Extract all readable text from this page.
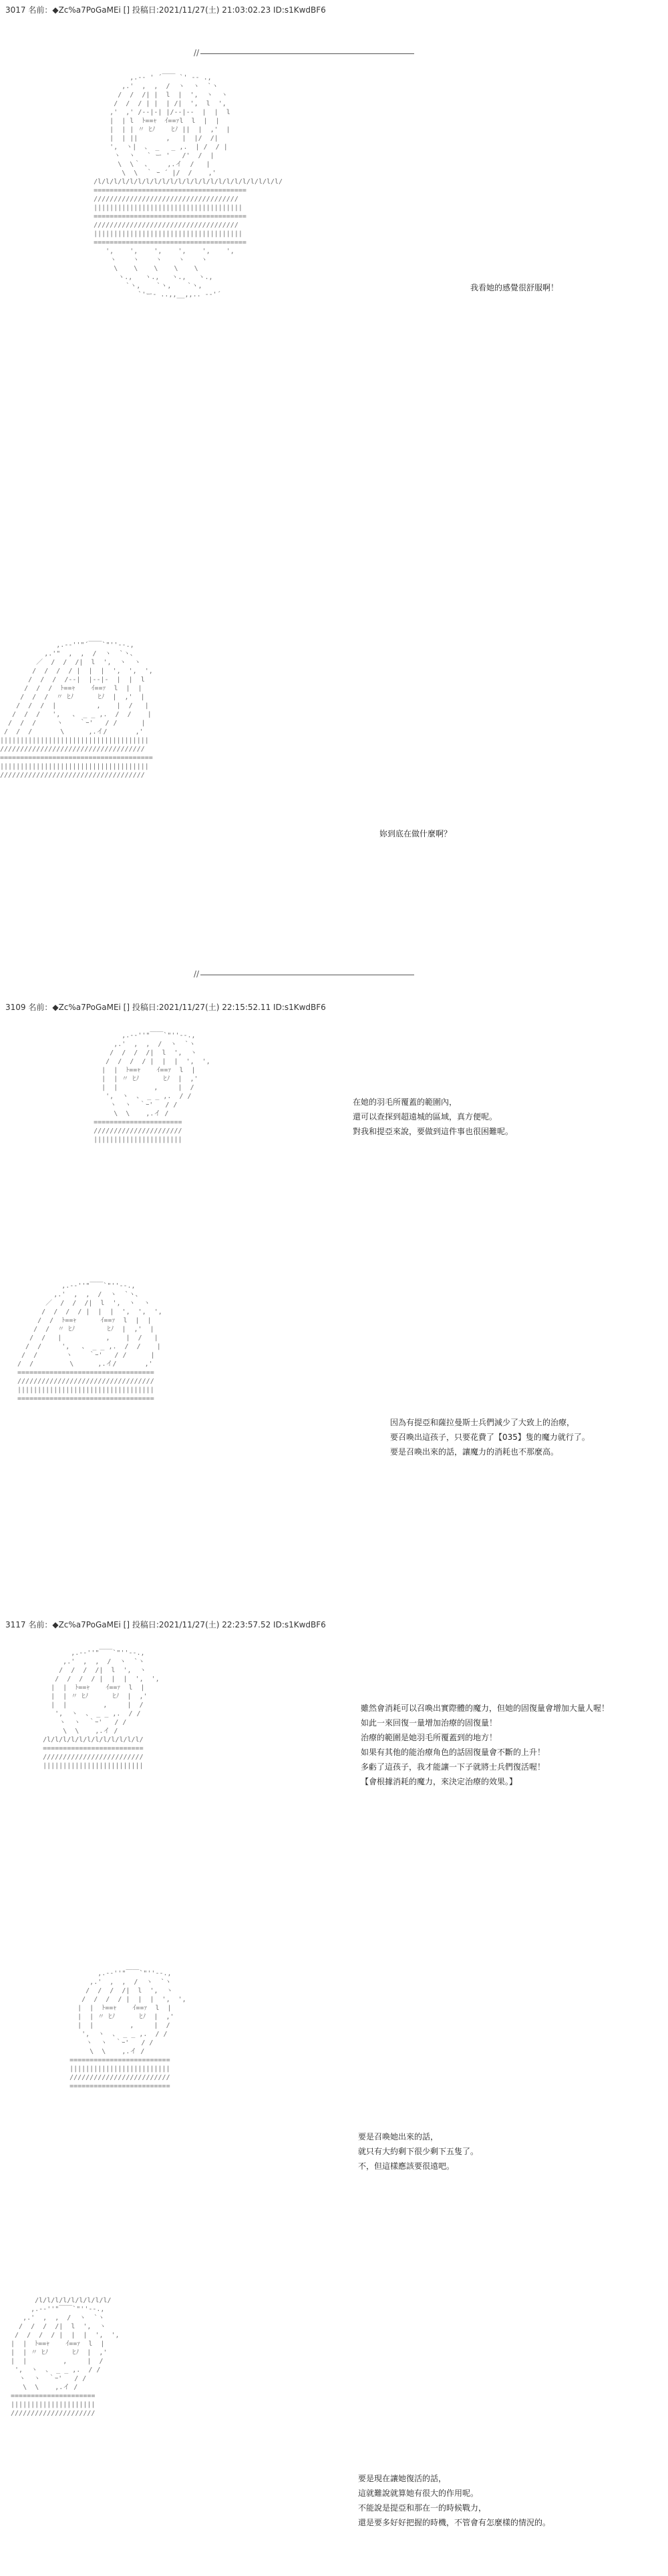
3017 名前：◆Zc%a7PoGaMEi [] 投稿日:2021/11/27(土) 21:03:02.23 ID:s1KwdBF6
//
,.-‐ ' ´￣￣ `' ‐- .,
,.'  ,  ,  /  ヽ  ヽ  `ヽ
/  /  /| |  l  |  ',  ヽ  ヽ
/  /  / | |  | /|  ',  l  ',
,'  ,' /‐-|‐| |/-‐|‐-  |  |  l
|  | l  ﾄ==ｬ  ｲ==ｧl  l  |  |
|  | | 〃 ﾋﾉ    ﾋﾉ ||  |  ,'  |
|  | ||       ,   |  |/  /|
',  ヽ|  、 _   _ ,.  | /  / |
ヽ  ヽ   ` ー '   /'  /  |
\  \｀ 、    ,.イ  /   |
\  \  ｀ ｰ ´ |/  /    ,'
/l/l/l/l/l/l/l/l/l/l/l/l/l/l/l/l/l/l/l/l/l/l/l/
======================================
////////////////////////////////////
|||||||||||||||||||||||||||||||||||||
======================================
////////////////////////////////////
|||||||||||||||||||||||||||||||||||||
======================================
',    ',    ',    ',    ',    ',
ヽ    ヽ    ヽ    ヽ    ヽ
\    \    \    \    \
ヽ.,   ヽ.,   ヽ.,   ヽ.,
`ヽ,    `ヽ,    `ヽ,
`'ー- ..,,__,,.. -‐'´
我看她的感覺很舒服啊！
,.-‐''"´￣￣`"''‐-.,
,.'"  ,  ,  /  ヽ  `ヽ、
／  /  /  /|  l  ',  ヽ  ヽ
/  /  /  / |  |  |  ',  ',  ',
/  /  /  /‐-|  |‐-|‐  |  |  l
/  /  /  ﾄ==ｬ    ｲ==ｧ  l  |  |
/  /  /  〃 ﾋﾉ      ﾋﾉ  |  ,'  |
/  /  /  |          ,    |  /   |
/  /  /   ',   、 _ _ ,.  /  /    |
/  /  /     ヽ    ｀ｰ'   / /      |
/  /  /       \      ,.イ/       ,'
|||||||||||||||||||||||||||||||||||||
////////////////////////////////////
======================================
|||||||||||||||||||||||||||||||||||||
////////////////////////////////////
妳到底在做什麼啊？
//
3109 名前：◆Zc%a7PoGaMEi [] 投稿日:2021/11/27(土) 22:15:52.11 ID:s1KwdBF6
,.-‐''"￣￣`"''‐-.,
,.'  ,  ,  /  ヽ  `ヽ
/  /  /  /|  l  ',  ヽ
/  /  /  / |  |  |  ',  ',
|  |  ﾄ==ｬ    ｲ==ｧ  l  |
|  | 〃 ﾋﾉ      ﾋﾉ  |  ,'
|  |         ,     |  /
',  ヽ  、 _ _ ,.  / /
ヽ  ヽ  ｀ｰ'   / /
\  \    ,.イ /
======================
//////////////////////
||||||||||||||||||||||
在她的羽毛所覆蓋的範圍內，
還可以查探到超遠城的區域，真方便呢。
對我和提亞來說，要做到這件事也很困難呢。
,.-‐''"￣￣`"''‐-.,
,.'  ,  ,  /  ヽ  `ヽ、
／  /  /  /|  l  ',  ヽ  ヽ
/  /  /  / |  |  |  ',  ',  ',
/  /  ﾄ==ｬ      ｲ==ｧ  l  |  |
/  /  〃 ﾋﾉ        ﾋﾉ  |  ,'  |
/  /   |           ,    |  /   |
/  /     ',   、 _ _ ,.  /  /    |
/  /       ヽ    ｀ｰ'   / /      |
/  /         \      ,.イ/       ,'
==================================
//////////////////////////////////
||||||||||||||||||||||||||||||||||
==================================
因為有提亞和薩拉曼斯士兵們減少了大致上的治療，
要召喚出這孩子，只要花費了【035】隻的魔力就行了。
要是召喚出來的話，讓魔力的消耗也不那麼高。
3117 名前：◆Zc%a7PoGaMEi [] 投稿日:2021/11/27(土) 22:23:57.52 ID:s1KwdBF6
,.-‐''"￣￣`"''‐-.,
,.'  ,  ,  /  ヽ  `ヽ
/  /  /  /|  l  ',  ヽ
/  /  /  / |  |  |  ',  ',
|  |  ﾄ==ｬ    ｲ==ｧ  l  |
|  | 〃 ﾋﾉ      ﾋﾉ  |  ,'
|  |         ,     |  /
',  ヽ  、 _ _ ,.  / /
ヽ  ヽ  ｀ｰ'   / /
\  \    ,.イ /
/l/l/l/l/l/l/l/l/l/l/l/l/
=========================
/////////////////////////
|||||||||||||||||||||||||
雖然會消耗可以召喚出實際體的魔力，但她的固復量會增加大量人喔！
如此一來回復一量增加治療的固復量！
治療的範圍是她羽毛所覆蓋到的地方！
如果有其他的能治療角色的話固復量會不斷的上升！
多虧了這孩子，我才能讓一下子就將士兵們復活喔！
【會根據消耗的魔力，來決定治療的效果。】
,.-‐''"￣￣`"''‐-.,
,.'  ,  ,  /  ヽ  `ヽ
/  /  /  /|  l  ',  ヽ
/  /  /  / |  |  |  ',  ',
|  |  ﾄ==ｬ    ｲ==ｧ  l  |
|  | 〃 ﾋﾉ      ﾋﾉ  |  ,'
|  |         ,     |  /
',  ヽ  、 _ _ ,.  / /
ヽ  ヽ  ｀ｰ'   / /
\  \    ,.イ /
=========================
|||||||||||||||||||||||||
/////////////////////////
=========================
要是召喚她出來的話，
就只有大約剩下很少剩下五隻了。
不，但這樣應該要很遠吧。
/l/l/l/l/l/l/l/l/l/
,.-‐''"￣￣`"''‐-.,
,.'  ,  ,  /  ヽ  `ヽ
/  /  /  /|  l  ',  ヽ
/  /  /  / |  |  |  ',  ',
|  |  ﾄ==ｬ    ｲ==ｧ  l  |
|  | 〃 ﾋﾉ      ﾋﾉ  |  ,'
|  |         ,     |  /
',  ヽ  、 _ _ ,.  / /
ヽ  ヽ  ｀ｰ'   / /
\  \    ,.イ /
=====================
|||||||||||||||||||||
/////////////////////
要是現在讓她復活的話，
這就難說就算她有很大的作用呢。
不能說是提亞和那在一的時候戰力，
還是要多好好把握的時機，不管會有怎麼樣的情況的。
